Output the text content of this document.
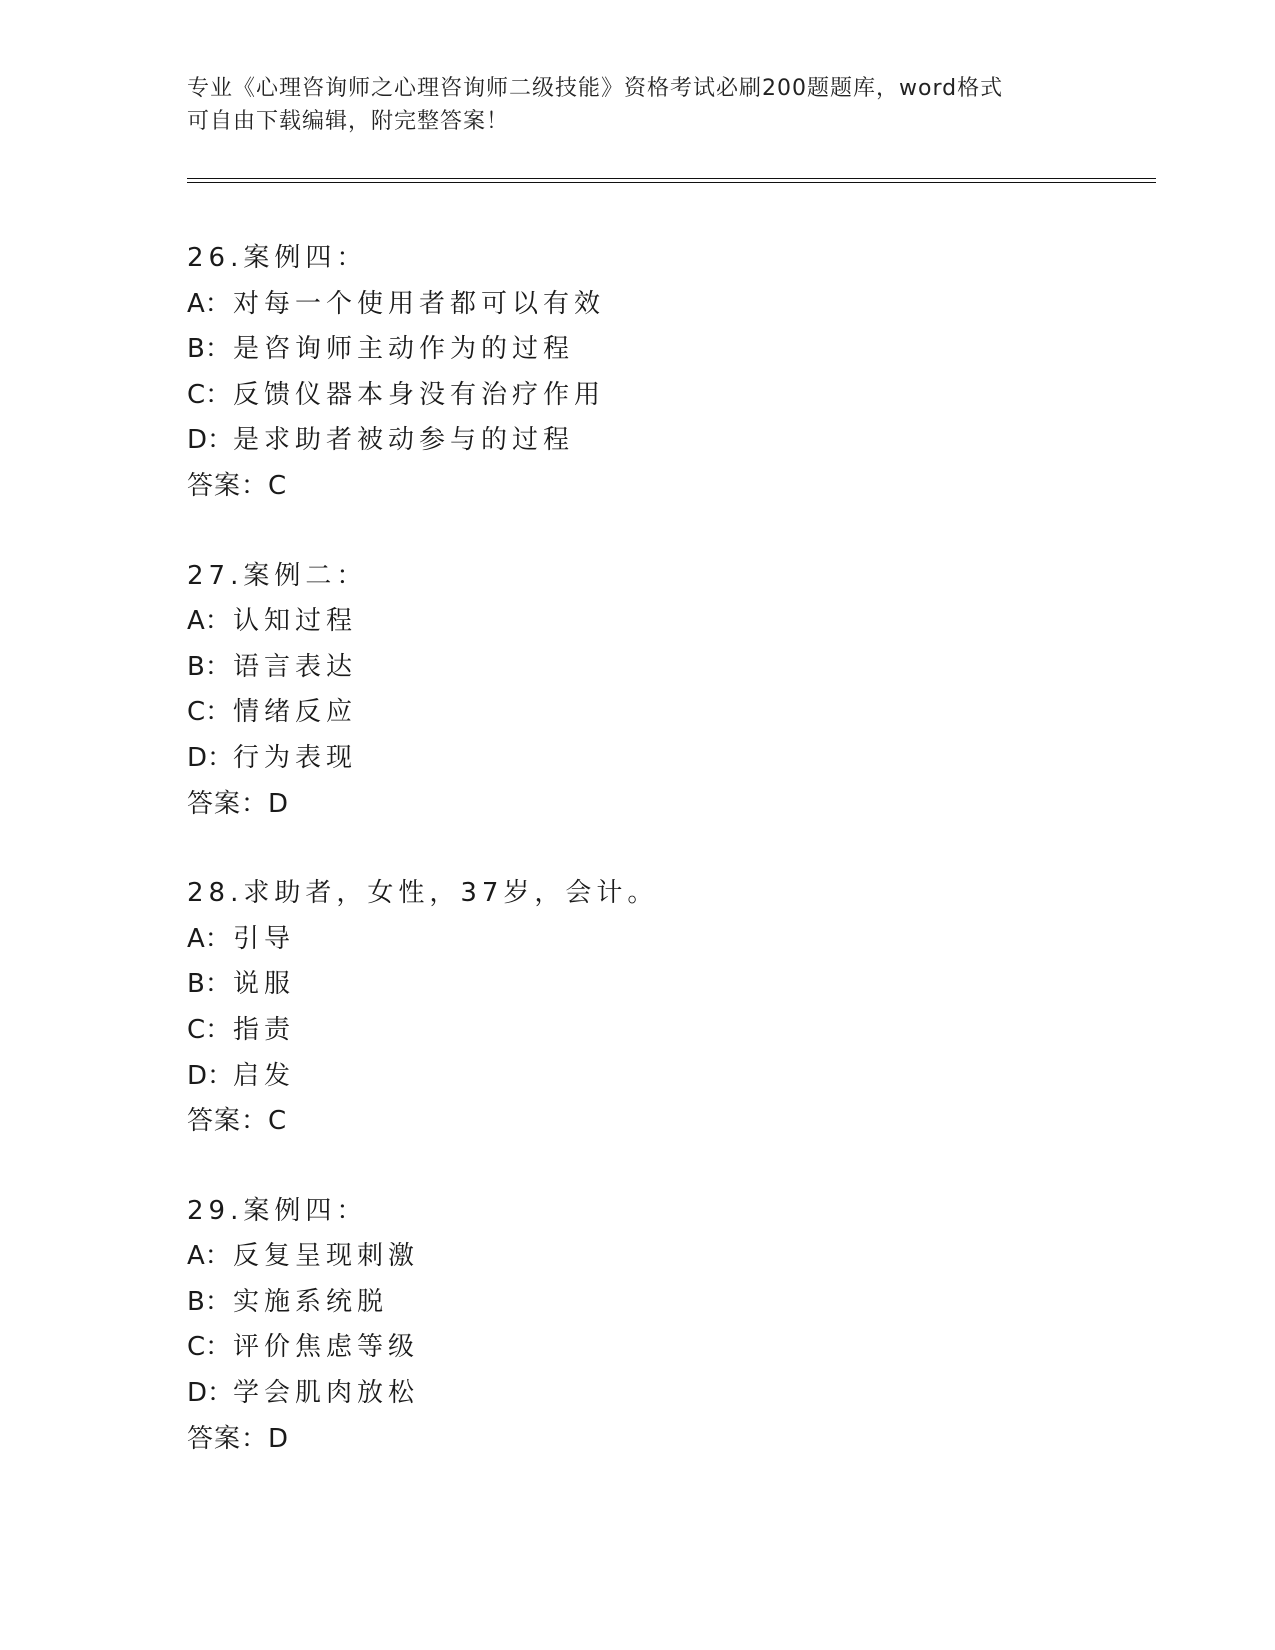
专业《心理咨询师之心理咨询师二级技能》资格考试必刷200题题库，word格式
可自由下载编辑，附完整答案！
26.案例四：
A：对每一个使用者都可以有效
B：是咨询师主动作为的过程
C：反馈仪器本身没有治疗作用
D：是求助者被动参与的过程
答案：C
27.案例二：
A：认知过程
B：语言表达
C：情绪反应
D：行为表现
答案：D
28.求助者，女性，37岁，会计。
A：引导
B：说服
C：指责
D：启发
答案：C
29.案例四：
A：反复呈现刺激
B：实施系统脱
C：评价焦虑等级
D：学会肌肉放松
答案：D
